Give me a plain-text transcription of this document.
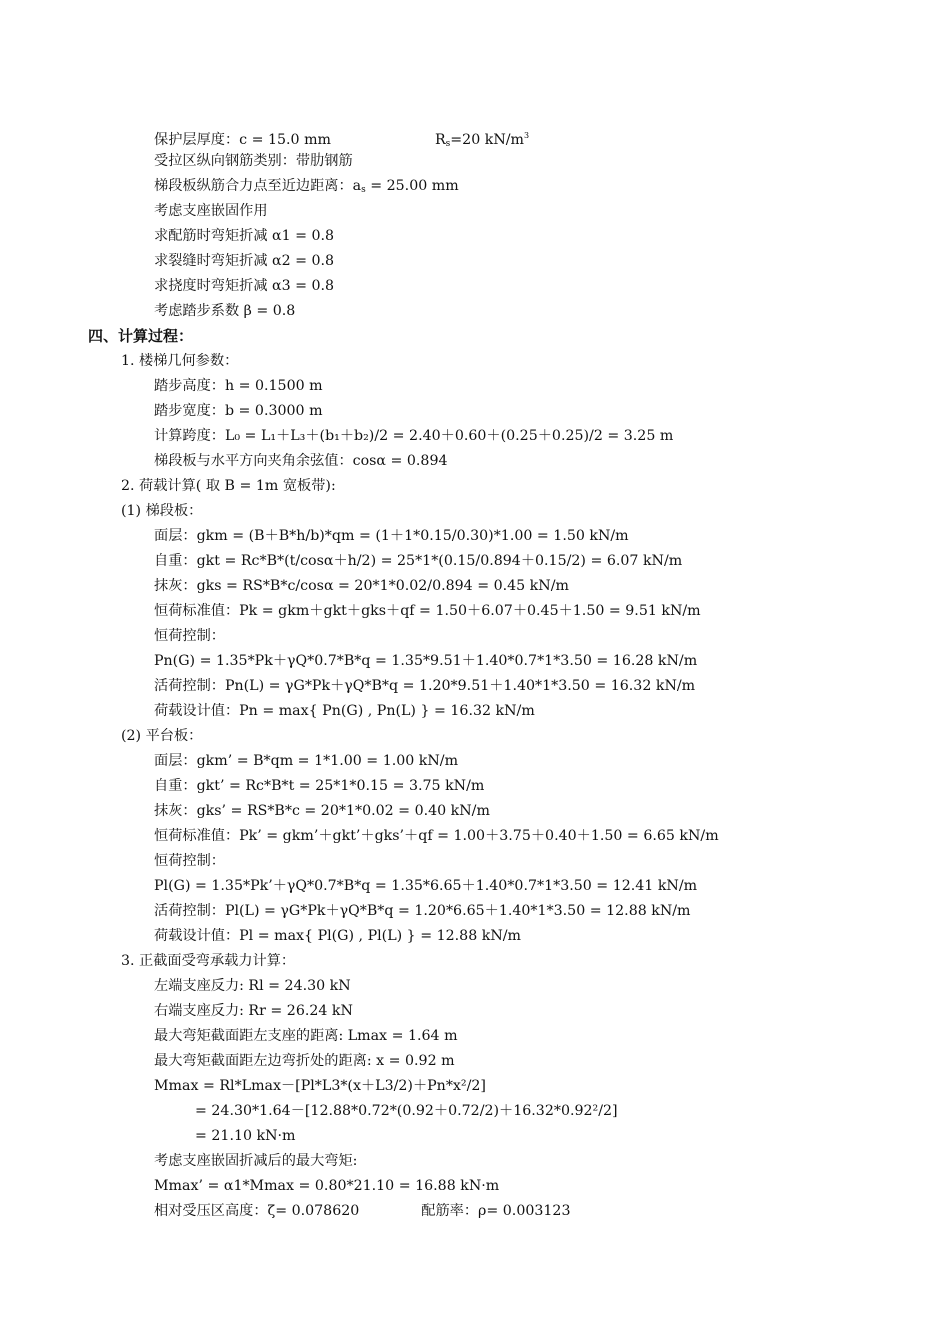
保护层厚度：c = 15.0 mm	$R_s=20$ $kN/m^3$
受拉区纵向钢筋类别：带肋钢筋
梯段板纵筋合力点至近边距离：$a_s = 25.00$ mm
考虑支座嵌固作用
求配筋时弯矩折减 α1 = 0.8
求裂缝时弯矩折减 α2 = 0.8
求挠度时弯矩折减 α3 = 0.8
考虑踏步系数 β = 0.8
四、计算过程：
1. 楼梯几何参数：
踏步高度：h = 0.1500 m
踏步宽度：b = 0.3000 m
计算跨度：L₀ = L₁＋L₃＋(b₁＋b₂)/2 = 2.40＋0.60＋(0.25＋0.25)/2 = 3.25 m
梯段板与水平方向夹角余弦值：cosα = 0.894
2. 荷载计算( 取 B = 1m 宽板带):
(1) 梯段板：
面层：gkm = (B＋B*h/b)*qm = (1＋1*0.15/0.30)*1.00 = 1.50 kN/m
自重：gkt = Rc*B*(t/cosα＋h/2) = 25*1*(0.15/0.894＋0.15/2) = 6.07 kN/m
抹灰：gks = RS*B*c/cosα = 20*1*0.02/0.894 = 0.45 kN/m
恒荷标准值：Pk = gkm＋gkt＋gks＋qf = 1.50＋6.07＋0.45＋1.50 = 9.51 kN/m
恒荷控制：
Pn(G) = 1.35*Pk＋γQ*0.7*B*q = 1.35*9.51＋1.40*0.7*1*3.50 = 16.28 kN/m
活荷控制：Pn(L) = γG*Pk＋γQ*B*q = 1.20*9.51＋1.40*1*3.50 = 16.32 kN/m
荷载设计值：Pn = max{ Pn(G) , Pn(L) } = 16.32 kN/m
(2) 平台板：
面层：gkm’ = B*qm = 1*1.00 = 1.00 kN/m
自重：gkt’ = Rc*B*t = 25*1*0.15 = 3.75 kN/m
抹灰：gks’ = RS*B*c = 20*1*0.02 = 0.40 kN/m
恒荷标准值：Pk’ = gkm’＋gkt’＋gks’＋qf = 1.00＋3.75＋0.40＋1.50 = 6.65 kN/m
恒荷控制：
Pl(G) = 1.35*Pk’＋γQ*0.7*B*q = 1.35*6.65＋1.40*0.7*1*3.50 = 12.41 kN/m
活荷控制：Pl(L) = γG*Pk＋γQ*B*q = 1.20*6.65＋1.40*1*3.50 = 12.88 kN/m
荷载设计值：Pl = max{ Pl(G) , Pl(L) } = 12.88 kN/m
3. 正截面受弯承载力计算：
左端支座反力: Rl = 24.30 kN
右端支座反力: Rr = 26.24 kN
最大弯矩截面距左支座的距离: Lmax = 1.64 m
最大弯矩截面距左边弯折处的距离: x = 0.92 m
Mmax = Rl*Lmax－[Pl*L3*(x＋L3/2)＋Pn*x²/2]
= 24.30*1.64－[12.88*0.72*(0.92＋0.72/2)＋16.32*0.92²/2]
= 21.10 kN·m
考虑支座嵌固折减后的最大弯矩:
Mmax’ = α1*Mmax = 0.80*21.10 = 16.88 kN·m
相对受压区高度：ζ= 0.078620	配筋率：ρ= 0.003123
